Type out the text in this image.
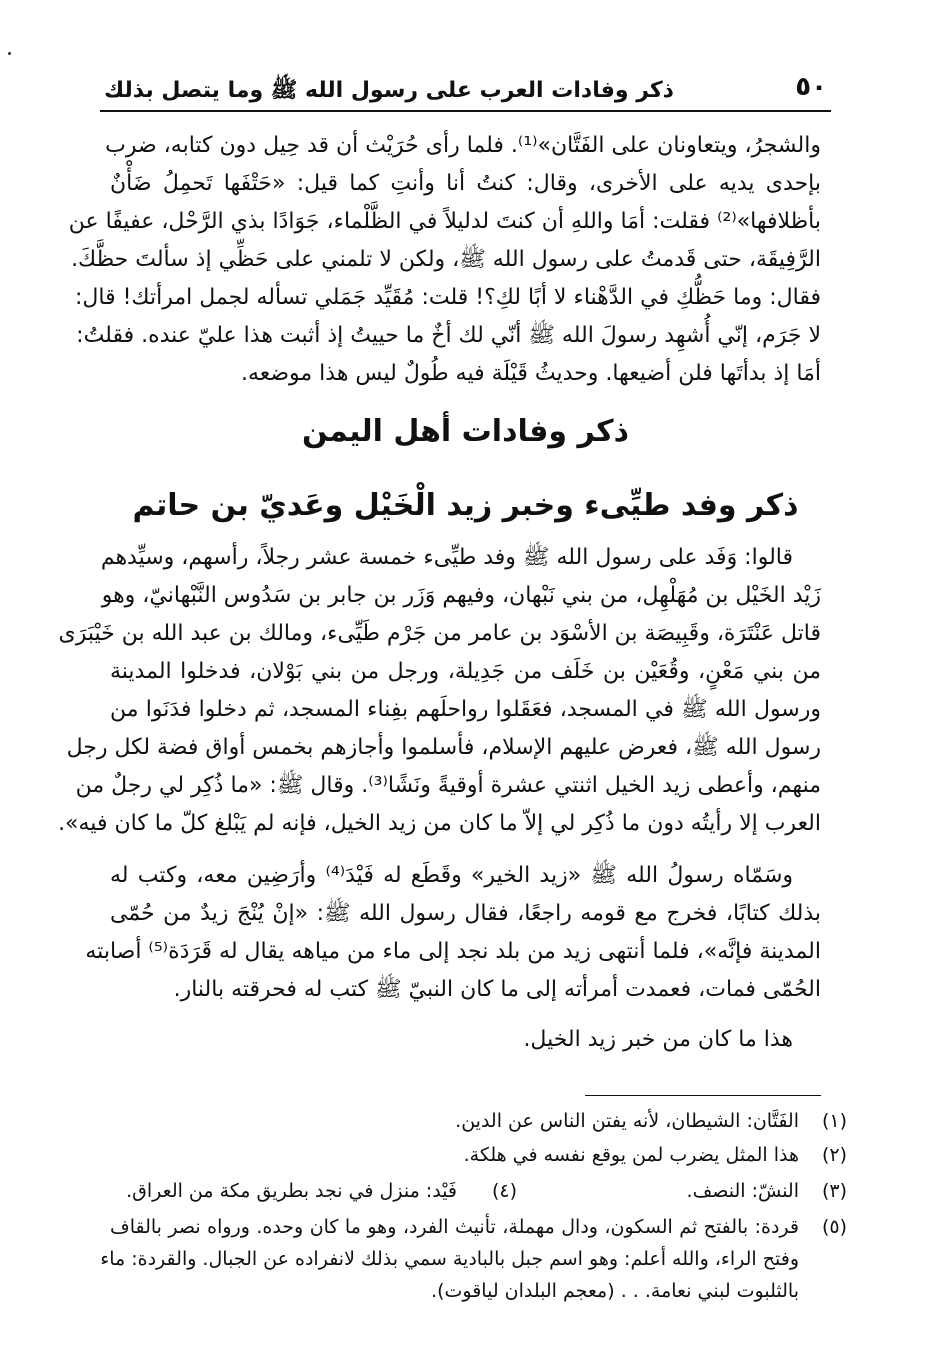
٥٠
ذكر وفادات العرب على رسول الله ﷺ وما يتصل بذلك
والشجرُ، ويتعاونان على الفَتَّان»⁽¹⁾. فلما رأى حُرَيْث أن قد حِيل دون كتابه، ضرب
بإحدى يديه على الأخرى، وقال: كنتُ أنا وأنتِ كما قيل: «حَتْفَها تَحمِلُ ضَأْنٌ
بأظلافها»⁽²⁾ فقلت: أمَا واللهِ أن كنتَ لدليلاً في الظَّلْماء، جَوَادًا بذي الرَّحْل، عفيفًا عن
الرَّفِيقَة، حتى قَدمتُ على رسول الله ﷺ، ولكن لا تلمني على حَظِّي إذ سألتَ حظَّكَ.
فقال: وما حَظُّكِ في الدَّهْناء لا أبًا لكِ؟! قلت: مُقَيِّد جَمَلي تسأله لجمل امرأتك! قال:
لا جَرَم، إنّي أُشهِد رسولَ الله ﷺ أنّي لك أخٌ ما حييتُ إذ أثبت هذا عليّ عنده. فقلتُ:
أمَا إذ بدأتَها فلن أضيعها. وحديثُ قَيْلَة فيه طُولٌ ليس هذا موضعه.
ذكر وفادات أهل اليمن
ذكر وفد طيِّىء وخبر زيد الْخَيْل وعَديّ بن حاتم
قالوا: وَفَد على رسول الله ﷺ وفد طيِّىء خمسة عشر رجلاً، رأسهم، وسيِّدهم
زَيْد الخَيْل بن مُهَلْهِل، من بني نَبْهان، وفيهم وَزَر بن جابر بن سَدُوس النَّبْهانيّ، وهو
قاتل عَنْتَرَة، وقَبِيصَة بن الأسْوَد بن عامر من جَرْم طَيِّىء، ومالك بن عبد الله بن خَيْبَرَى
من بني مَعْنٍ، وقُعَيْن بن خَلَف من جَدِيلة، ورجل من بني بَوْلان، فدخلوا المدينة
ورسول الله ﷺ في المسجد، فعَقَلوا رواحلَهم بفِناء المسجد، ثم دخلوا فدَنَوا من
رسول الله ﷺ، فعرض عليهم الإسلام، فأسلموا وأجازهم بخمس أواق فضة لكل رجل
منهم، وأعطى زيد الخيل اثنتي عشرة أوقيةً ونَشًا⁽³⁾. وقال ﷺ: «ما ذُكِر لي رجلٌ من
العرب إلا رأيتُه دون ما ذُكِر لي إلاّ ما كان من زيد الخيل، فإنه لم يَبْلغ كلّ ما كان فيه».
وسَمّاه رسولُ الله ﷺ «زيد الخير» وقَطَع له فَيْدَ⁽⁴⁾ وأرَضِين معه، وكتب له
بذلك كتابًا، فخرج مع قومه راجعًا، فقال رسول الله ﷺ: «إنْ يُنْجَ زيدٌ من حُمّى
المدينة فإنَّه»، فلما أنتهى زيد من بلد نجد إلى ماء من مياهه يقال له قَرَدَة⁽⁵⁾ أصابته
الحُمّى فمات، فعمدت أمرأته إلى ما كان النبيّ ﷺ كتب له فحرقته بالنار.
هذا ما كان من خبر زيد الخيل.
(١)
الفَتَّان: الشيطان، لأنه يفتن الناس عن الدين.
(٢)
هذا المثل يضرب لمن يوقع نفسه في هلكة.
(٣)
النشّ: النصف.
(٤)
فَيْد: منزل في نجد بطريق مكة من العراق.
(٥)
قردة: بالفتح ثم السكون، ودال مهملة، تأنيث الفرد، وهو ما كان وحده. ورواه نصر بالقاف
وفتح الراء، والله أعلم: وهو اسم جبل بالبادية سمي بذلك لانفراده عن الجبال. والقردة: ماء
بالثلبوت لبني نعامة. . . (معجم البلدان لياقوت).
